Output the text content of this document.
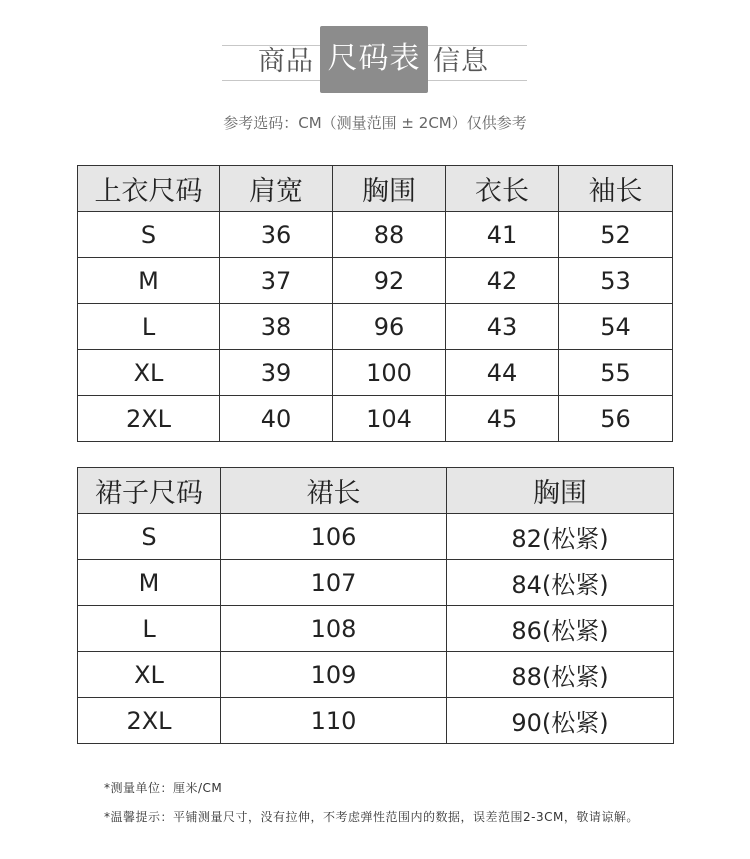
商品 尺码表 信息
参考选码：CM（测量范围 ± 2CM）仅供参考
上衣尺码	肩宽	胸围	衣长	袖长
S	36	88	41	52
M	37	92	42	53
L	38	96	43	54
XL	39	100	44	55
2XL	40	104	45	56
裙子尺码	裙长	胸围
S	106	82(松紧)
M	107	84(松紧)
L	108	86(松紧)
XL	109	88(松紧)
2XL	110	90(松紧)
*测量单位：厘米/CM
*温馨提示：平铺测量尺寸，没有拉伸，不考虑弹性范围内的数据，误差范围2-3CM，敬请谅解。
